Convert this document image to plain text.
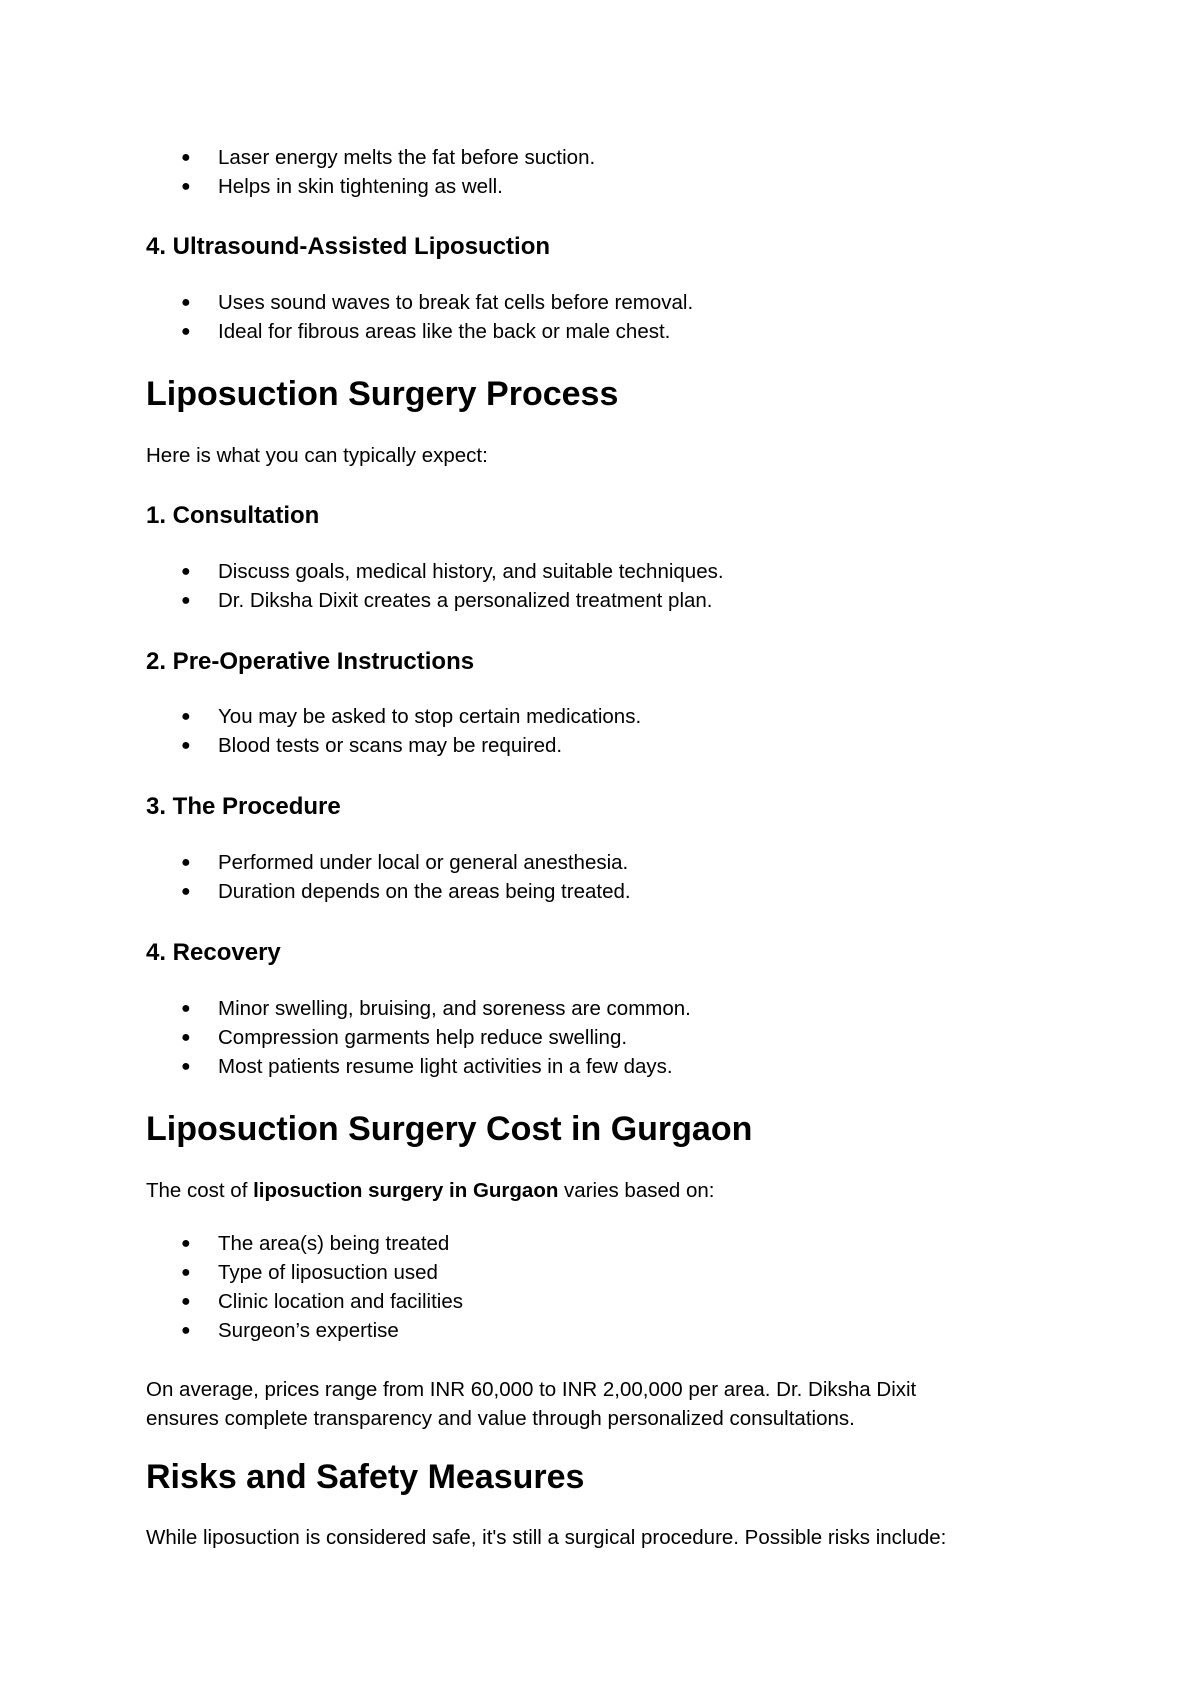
● Laser energy melts the fat before suction.
● Helps in skin tightening as well.
4. Ultrasound-Assisted Liposuction
● Uses sound waves to break fat cells before removal.
● Ideal for fibrous areas like the back or male chest.
Liposuction Surgery Process

Here is what you can typically expect:

1. Consultation
● Discuss goals, medical history, and suitable techniques.
● Dr. Diksha Dixit creates a personalized treatment plan.
2. Pre-Operative Instructions
● You may be asked to stop certain medications.
● Blood tests or scans may be required.
3. The Procedure
● Performed under local or general anesthesia.
● Duration depends on the areas being treated.
4. Recovery
● Minor swelling, bruising, and soreness are common.
● Compression garments help reduce swelling.
● Most patients resume light activities in a few days.
Liposuction Surgery Cost in Gurgaon

The cost of liposuction surgery in Gurgaon varies based on:

● The area(s) being treated
● Type of liposuction used
● Clinic location and facilities
● Surgeon’s expertise

On average, prices range from INR 60,000 to INR 2,00,000 per area. Dr. Diksha Dixit

ensures complete transparency and value through personalized consultations.

Risks and Safety Measures

While liposuction is considered safe, it's still a surgical procedure. Possible risks include:
